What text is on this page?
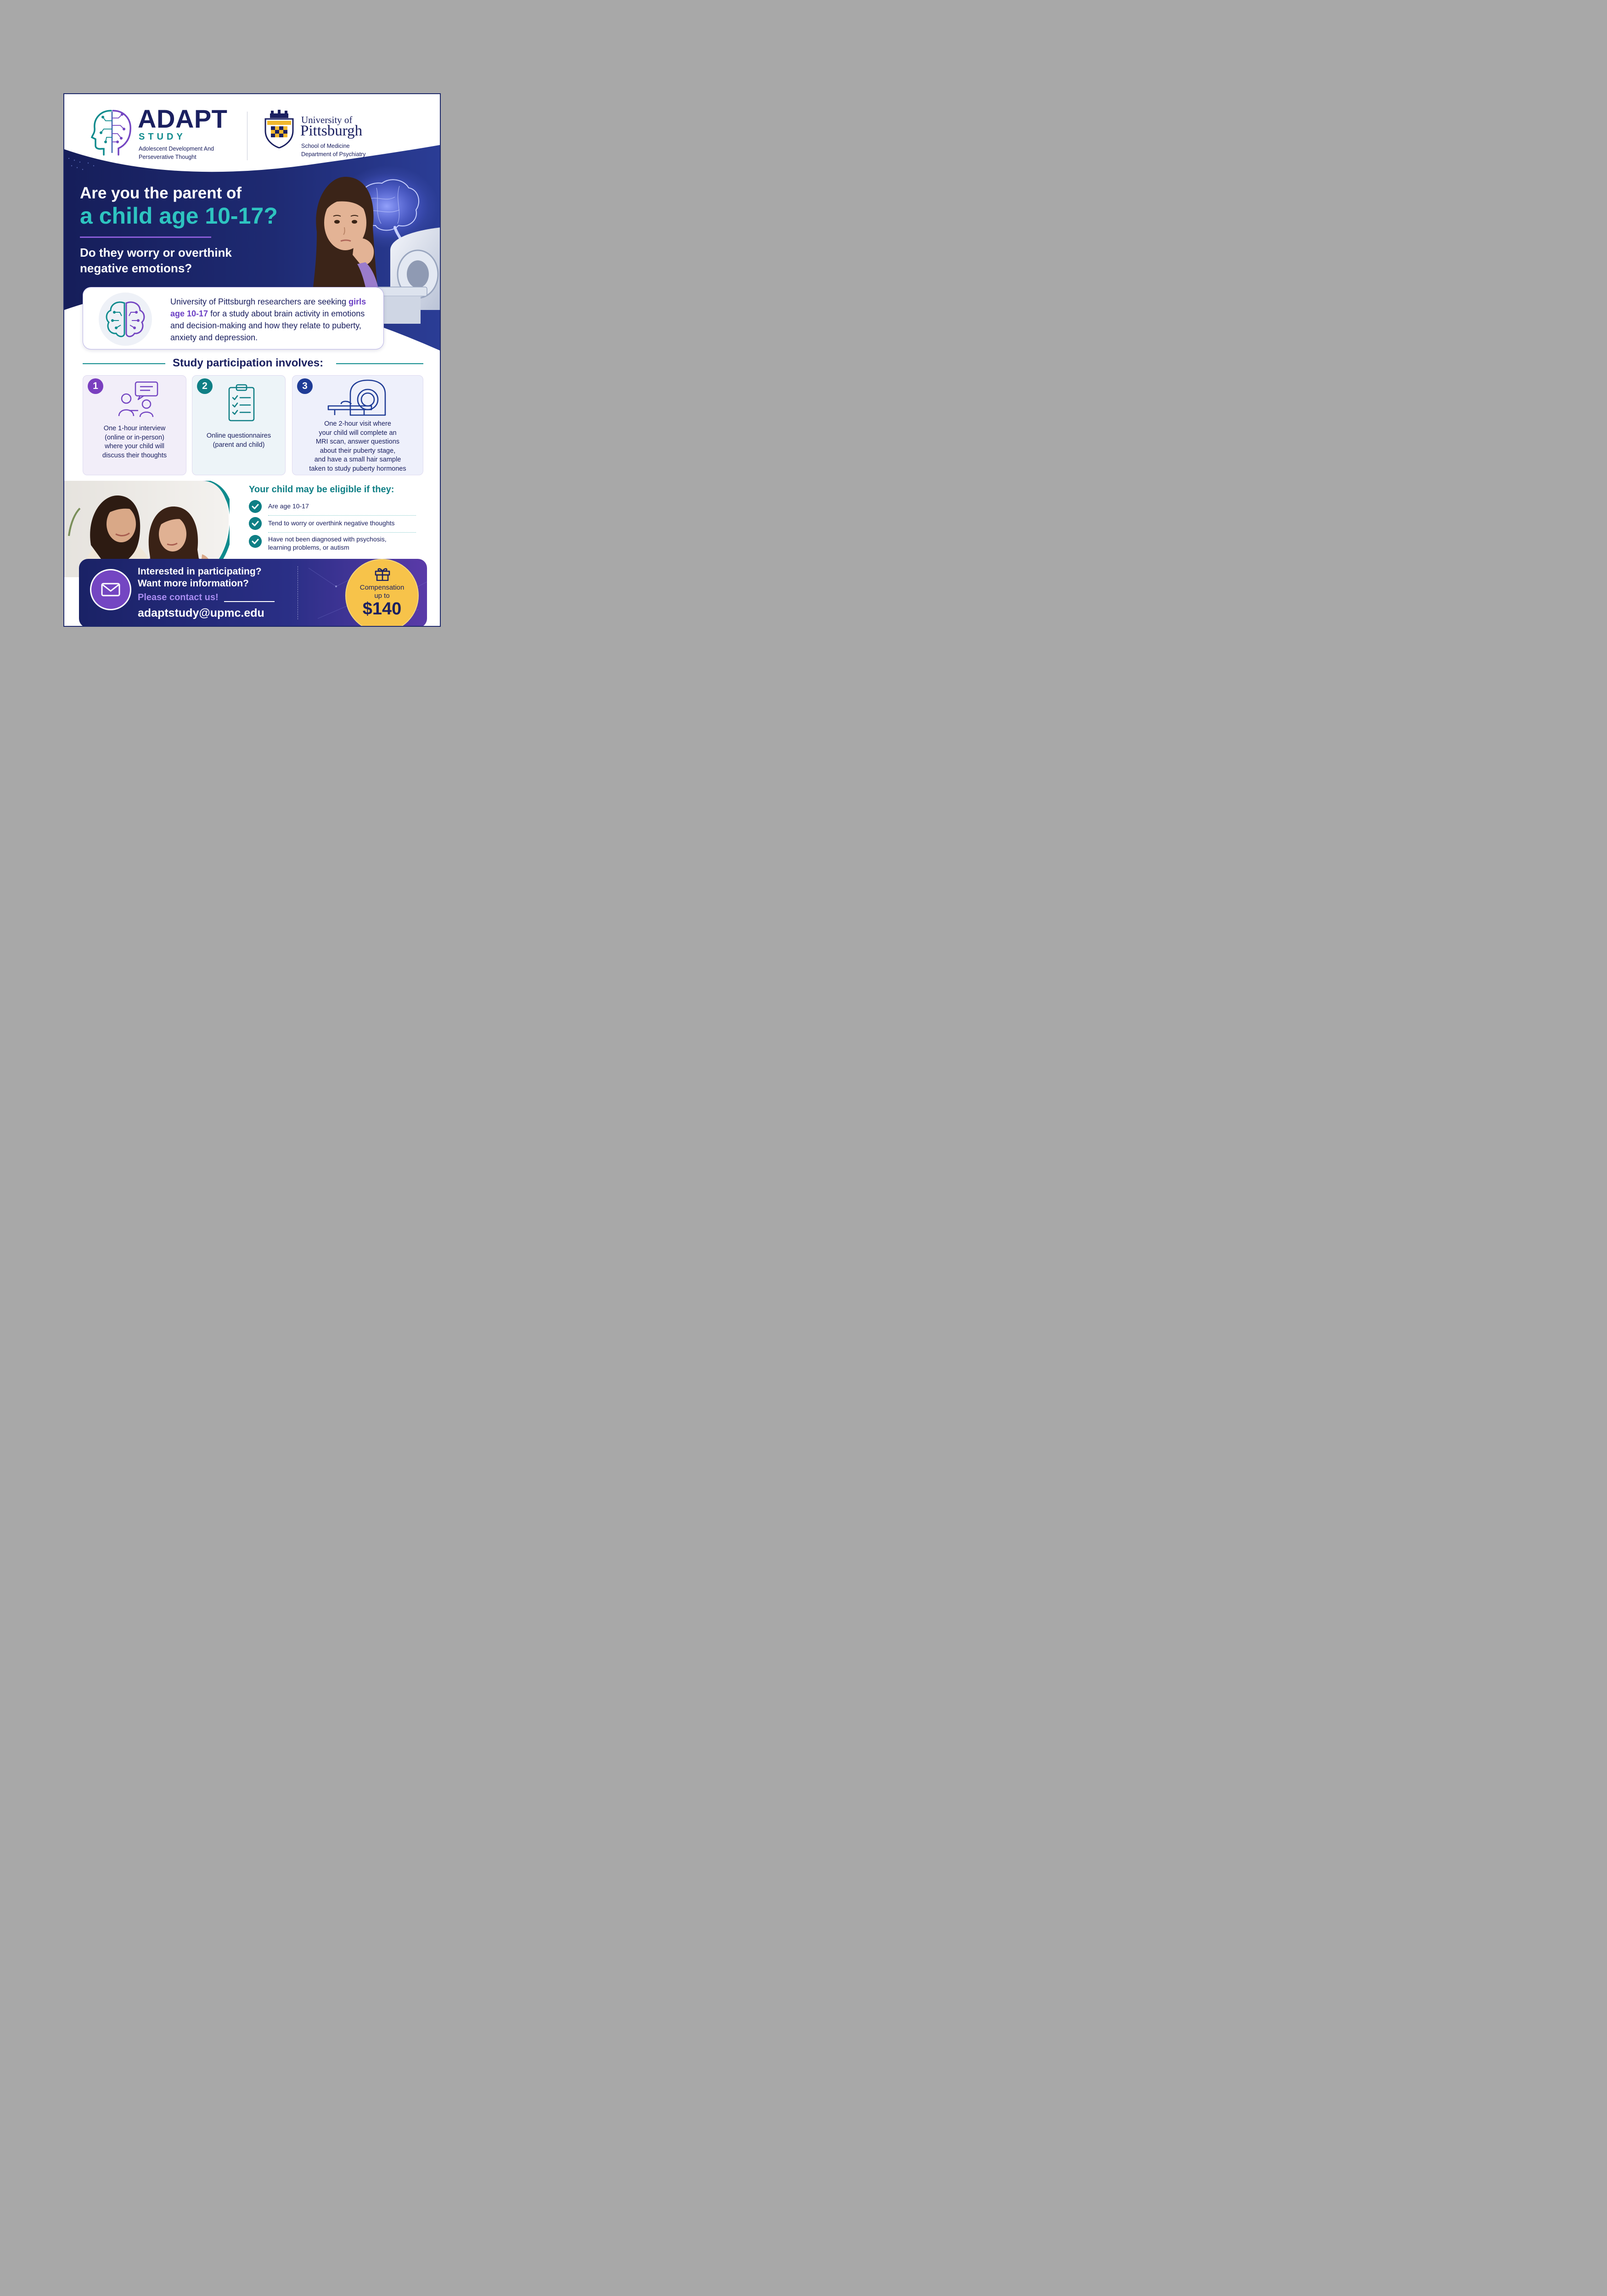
ADAPT
STUDY
Adolescent Development And
Perseverative Thought
University of
Pittsburgh
School of Medicine
Department of Psychiatry
Are you the parent of
a child age 10-17?
Do they worry or overthink
negative emotions?
University of Pittsburgh researchers are seeking girls age 10-17 for a study about brain activity in emotions and decision-making and how they relate to puberty, anxiety and depression.
Study participation involves:
1
One 1-hour interview
(online or in-person)
where your child will
discuss their thoughts
2
Online questionnaires
(parent and child)
3
One 2-hour visit where
your child will complete an
MRI scan, answer questions
about their puberty stage,
and have a small hair sample
taken to study puberty hormones
Your child may be eligible if they:
Are age 10-17
Tend to worry or overthink negative thoughts
Have not been diagnosed with psychosis,
learning problems, or autism
Interested in participating?
Want more information?
Please contact us!
adaptstudy@upmc.edu
Compensation
up to
$140
